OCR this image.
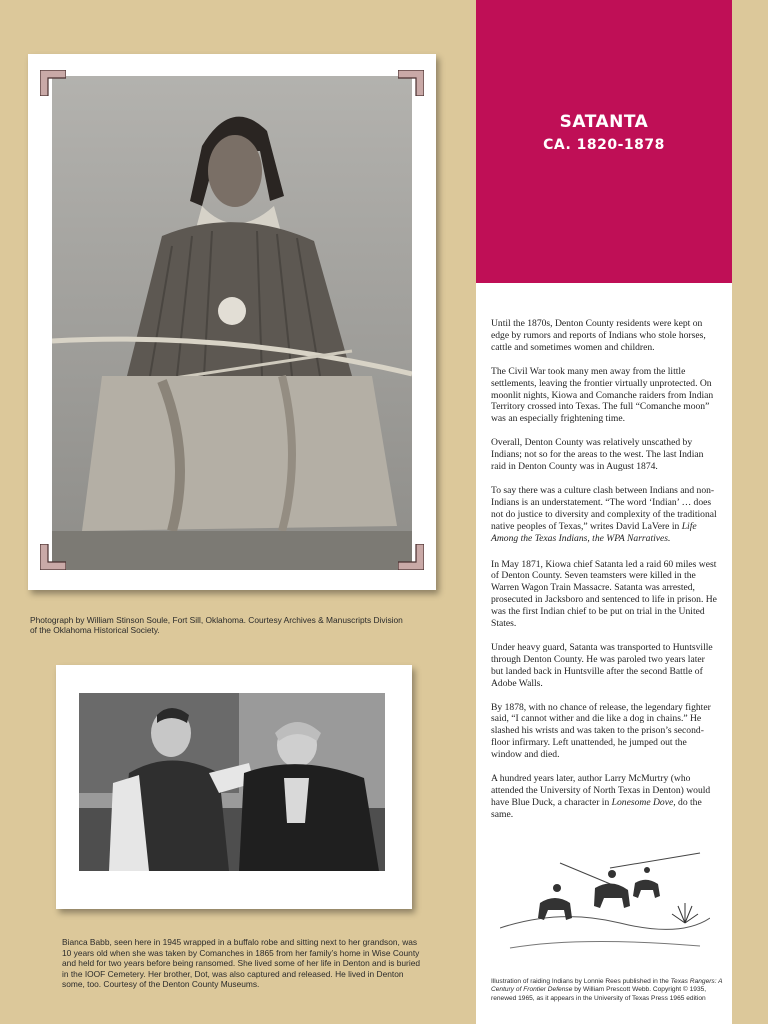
SATANTA
CA. 1820-1878

Until the 1870s, Denton County residents were kept on edge by rumors and reports of Indians who stole horses, cattle and sometimes women and children.

The Civil War took many men away from the little settlements, leaving the frontier virtually unprotected. On moonlit nights, Kiowa and Comanche raiders from Indian Territory crossed into Texas. The full “Comanche moon” was an especially frightening time.

Overall, Denton County was relatively unscathed by Indians; not so for the areas to the west. The last Indian raid in Denton County was in August 1874.

To say there was a culture clash between Indians and non-Indians is an understatement. “The word ‘Indian’ … does not do justice to diversity and complexity of the traditional native peoples of Texas,” writes David LaVere in Life Among the Texas Indians, the WPA Narratives.

In May 1871, Kiowa chief Satanta led a raid 60 miles west of Denton County. Seven teamsters were killed in the Warren Wagon Train Massacre. Satanta was arrested, prosecuted in Jacksboro and sentenced to life in prison. He was the first Indian chief to be put on trial in the United States.

Under heavy guard, Satanta was transported to Huntsville through Denton County. He was paroled two years later but landed back in Huntsville after the second Battle of Adobe Walls.

By 1878, with no chance of release, the legendary fighter said, “I cannot wither and die like a dog in chains.” He slashed his wrists and was taken to the prison’s second-floor infirmary. Left unattended, he jumped out the window and died.

A hundred years later, author Larry McMurtry (who attended the University of North Texas in Denton) would have Blue Duck, a character in Lonesome Dove, do the same.

Photograph by William Stinson Soule, Fort Sill, Oklahoma. Courtesy Archives & Manuscripts Division of the Oklahoma Historical Society.
Bianca Babb, seen here in 1945 wrapped in a buffalo robe and sitting next to her grandson, was 10 years old when she was taken by Comanches in 1865 from her family’s home in Wise County and held for two years before being ransomed. She lived some of her life in Denton and is buried in the IOOF Cemetery. Her brother, Dot, was also captured and released. He lived in Denton some, too. Courtesy of the Denton County Museums.	Illustration of raiding Indians by Lonnie Rees published in the Texas Rangers: A Century of Frontier Defense by William Prescott Webb. Copyright © 1935, renewed 1965, as it appears in the University of Texas Press 1965 edition
